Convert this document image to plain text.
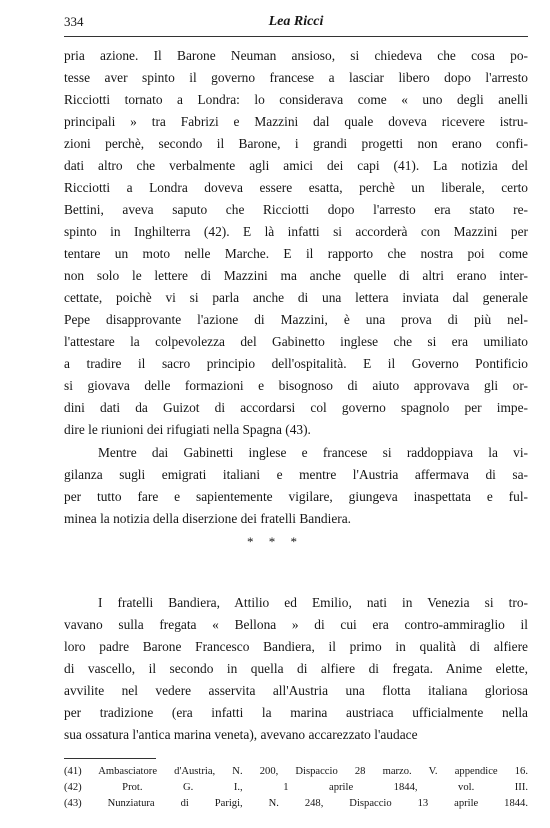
334	Lea Ricci
pria azione. Il Barone Neuman ansioso, si chiedeva che cosa po-
tesse aver spinto il governo francese a lasciar libero dopo l'arresto
Ricciotti tornato a Londra: lo considerava come « uno degli anelli
principali » tra Fabrizi e Mazzini dal quale doveva ricevere istru-
zioni perchè, secondo il Barone, i grandi progetti non erano confi-
dati altro che verbalmente agli amici dei capi (41). La notizia del
Ricciotti a Londra doveva essere esatta, perchè un liberale, certo
Bettini, aveva saputo che Ricciotti dopo l'arresto era stato re-
spinto in Inghilterra (42). E là infatti si accorderà con Mazzini per
tentare un moto nelle Marche. E il rapporto che nostra poi come
non solo le lettere di Mazzini ma anche quelle di altri erano inter-
cettate, poichè vi si parla anche di una lettera inviata dal generale
Pepe disapprovante l'azione di Mazzini, è una prova di più nel-
l'attestare la colpevolezza del Gabinetto inglese che si era umiliato
a tradire il sacro principio dell'ospitalità. E il Governo Pontificio
si giovava delle formazioni e bisognoso di aiuto approvava gli or-
dini dati da Guizot di accordarsi col governo spagnolo per impe-
dire le riunioni dei rifugiati nella Spagna (43).
Mentre dai Gabinetti inglese e francese si raddoppiava la vi-
gilanza sugli emigrati italiani e mentre l'Austria affermava di sa-
per tutto fare e sapientemente vigilare, giungeva inaspettata e ful-
minea la notizia della diserzione dei fratelli Bandiera.
* * *
I fratelli Bandiera, Attilio ed Emilio, nati in Venezia si tro-
vavano sulla fregata « Bellona » di cui era contro-ammiraglio il
loro padre Barone Francesco Bandiera, il primo in qualità di alfiere
di vascello, il secondo in quella di alfiere di fregata. Anime elette,
avvilite nel vedere asservita all'Austria una flotta italiana gloriosa
per tradizione (era infatti la marina austriaca ufficialmente nella
sua ossatura l'antica marina veneta), avevano accarezzato l'audace
(41) Ambasciatore d'Austria, N. 200, Dispaccio 28 marzo. V. appendice 16.
(42) Prot. G. I., 1 aprile 1844, vol. III.
(43) Nunziatura di Parigi, N. 248, Dispaccio 13 aprile 1844.
